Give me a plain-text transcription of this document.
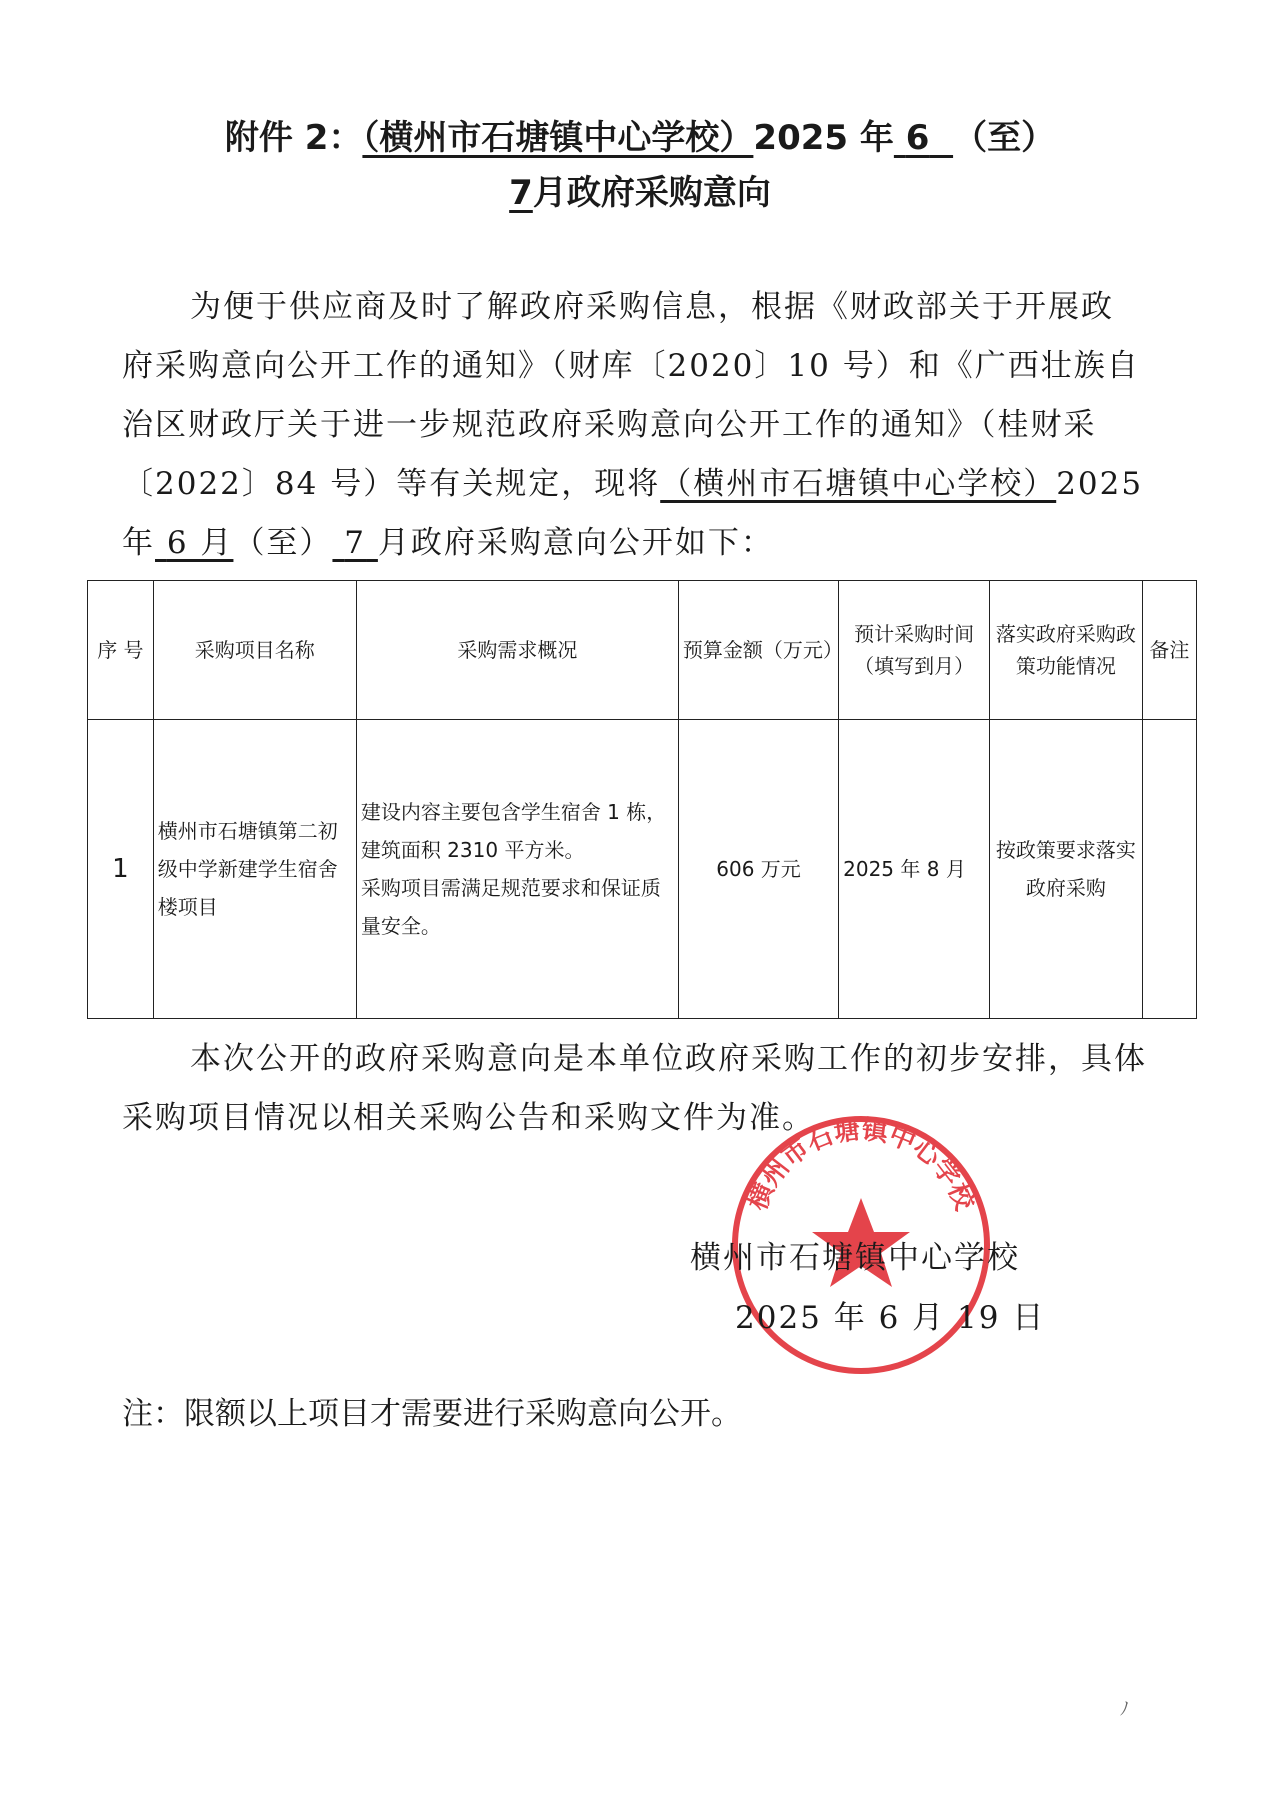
附件 2：（横州市石塘镇中心学校）2025 年 6 （至）
7月政府采购意向
为便于供应商及时了解政府采购信息，根据《财政部关于开展政
府采购意向公开工作的通知》（财库〔2020〕10 号）和《广西壮族自
治区财政厅关于进一步规范政府采购意向公开工作的通知》（桂财采
〔2022〕84 号）等有关规定，现将（横州市石塘镇中心学校）2025
年 6 月（至） 7 月政府采购意向公开如下：
序 号	采购项目名称	采购需求概况	预算金额（万元）	预计采购时间（填写到月）	落实政府采购政策功能情况	备注
1	横州市石塘镇第二初级中学新建学生宿舍楼项目	建设内容主要包含学生宿舍 1 栋，建筑面积 2310 平方米。
采购项目需满足规范要求和保证质量安全。	606 万元	2025 年 8 月	按政策要求落实政府采购	
本次公开的政府采购意向是本单位政府采购工作的初步安排，具体
采购项目情况以相关采购公告和采购文件为准。
横州市石塘镇中心学校
横州市石塘镇中心学校
2025 年 6 月 19 日
注：限额以上项目才需要进行采购意向公开。
ﾉ
